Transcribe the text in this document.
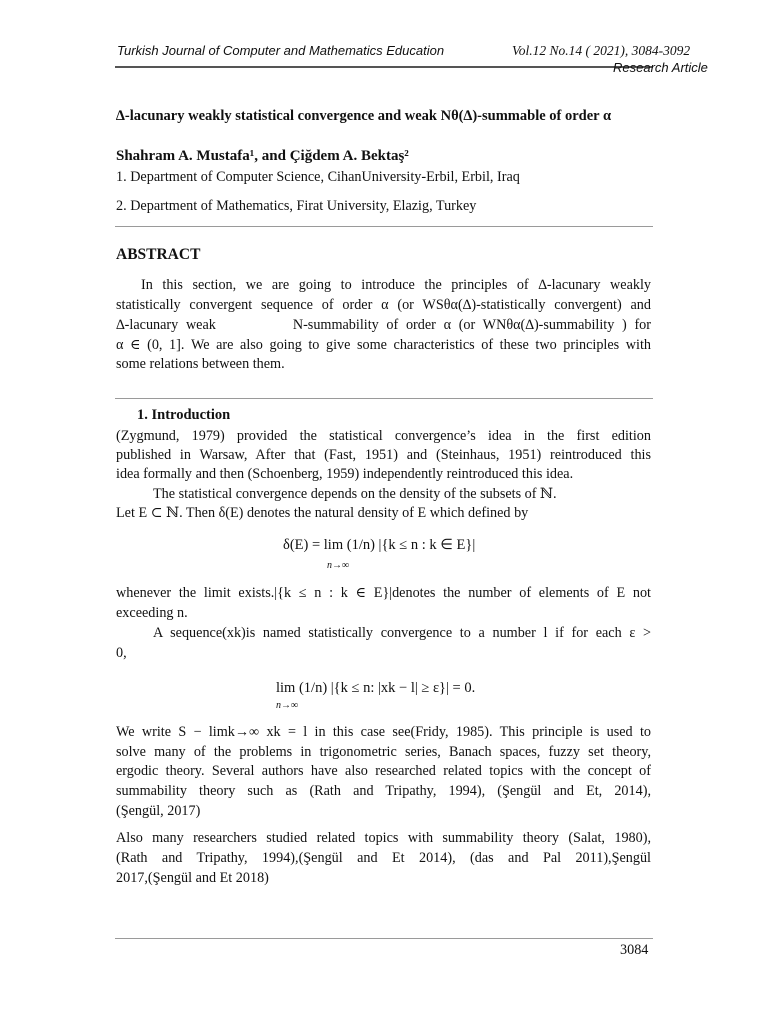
Turkish Journal of Computer and Mathematics Education	Vol.12 No.14 ( 2021), 3084-3092
Research Article
∆-lacunary weakly statistical convergence and weak Nθ(∆)-summable of order α
Shahram A. Mustafa¹, and Çiğdem A. Bektaş²
1. Department of Computer Science, CihanUniversity-Erbil, Erbil, Iraq
2. Department of Mathematics, Firat University, Elazig, Turkey
ABSTRACT
In this section, we are going to introduce the principles of ∆-lacunary weakly
statistically convergent sequence of order α (or WSθα(∆)-statistically convergent) and
∆-lacunary weak          N-summability of order α (or WNθα(∆)-summability ) for
α ∈ (0, 1]. We are also going to give some characteristics of these two principles with
some relations between them.
1. Introduction
(Zygmund, 1979) provided the statistical convergence’s idea in the first edition
published in Warsaw, After that (Fast, 1951) and (Steinhaus, 1951) reintroduced this
idea formally and then (Schoenberg, 1959) independently reintroduced this idea.
The statistical convergence depends on the density of the subsets of ℕ.
Let E ⊂ ℕ. Then δ(E) denotes the natural density of E which defined by
δ(E) = lim (1/n) |{k ≤ n : k ∈ E}|
n→∞
whenever the limit exists.|{k ≤ n : k ∈ E}|denotes the number of elements of E not
exceeding n.
A sequence(xk)is named statistically convergence to a number l if for each ε >
0,
lim (1/n) |{k ≤ n: |xk − l| ≥ ε}| = 0.
n→∞
We write S − limk→∞ xk = l in this case see(Fridy, 1985). This principle is used to
solve many of the problems in trigonometric series, Banach spaces, fuzzy set theory,
ergodic theory. Several authors have also researched related topics with the concept of
summability theory such as (Rath and Tripathy, 1994), (Şengül and Et, 2014),
(Şengül, 2017)
Also many researchers studied related topics with summability theory (Salat, 1980),
(Rath and Tripathy, 1994),(Şengül and Et 2014), (das and Pal 2011),Şengül
2017,(Şengül and Et 2018)
3084
